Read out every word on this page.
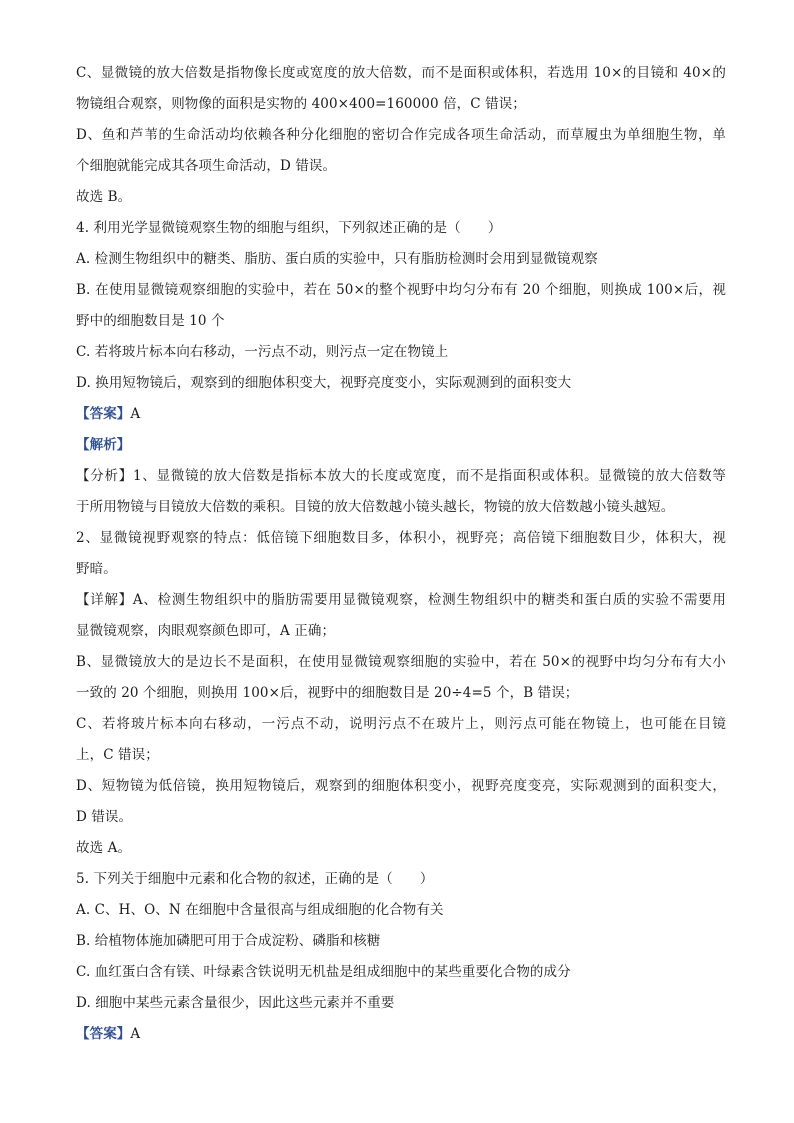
C、显微镜的放大倍数是指物像长度或宽度的放大倍数，而不是面积或体积，若选用 10×的目镜和 40×的
物镜组合观察，则物像的面积是实物的 400×400=160000 倍，C 错误；
D、鱼和芦苇的生命活动均依赖各种分化细胞的密切合作完成各项生命活动，而草履虫为单细胞生物，单
个细胞就能完成其各项生命活动，D 错误。
故选 B。
4. 利用光学显微镜观察生物的细胞与组织，下列叙述正确的是（　　）
A. 检测生物组织中的糖类、脂肪、蛋白质的实验中，只有脂肪检测时会用到显微镜观察
B. 在使用显微镜观察细胞的实验中，若在 50×的整个视野中均匀分布有 20 个细胞，则换成 100×后，视
野中的细胞数目是 10 个
C. 若将玻片标本向右移动，一污点不动，则污点一定在物镜上
D. 换用短物镜后，观察到的细胞体积变大，视野亮度变小，实际观测到的面积变大
【答案】A
【解析】
【分析】1、显微镜的放大倍数是指标本放大的长度或宽度，而不是指面积或体积。显微镜的放大倍数等
于所用物镜与目镜放大倍数的乘积。目镜的放大倍数越小镜头越长，物镜的放大倍数越小镜头越短。
2、显微镜视野观察的特点：低倍镜下细胞数目多，体积小，视野亮；高倍镜下细胞数目少，体积大，视
野暗。
【详解】A、检测生物组织中的脂肪需要用显微镜观察，检测生物组织中的糖类和蛋白质的实验不需要用
显微镜观察，肉眼观察颜色即可，A 正确；
B、显微镜放大的是边长不是面积，在使用显微镜观察细胞的实验中，若在 50×的视野中均匀分布有大小
一致的 20 个细胞，则换用 100×后，视野中的细胞数目是 20÷4=5 个，B 错误；
C、若将玻片标本向右移动，一污点不动，说明污点不在玻片上，则污点可能在物镜上，也可能在目镜
上，C 错误；
D、短物镜为低倍镜，换用短物镜后，观察到的细胞体积变小，视野亮度变亮，实际观测到的面积变大，
D 错误。
故选 A。
5. 下列关于细胞中元素和化合物的叙述，正确的是（　　）
A. C、H、O、N 在细胞中含量很高与组成细胞的化合物有关
B. 给植物体施加磷肥可用于合成淀粉、磷脂和核糖
C. 血红蛋白含有镁、叶绿素含铁说明无机盐是组成细胞中的某些重要化合物的成分
D. 细胞中某些元素含量很少，因此这些元素并不重要
【答案】A
